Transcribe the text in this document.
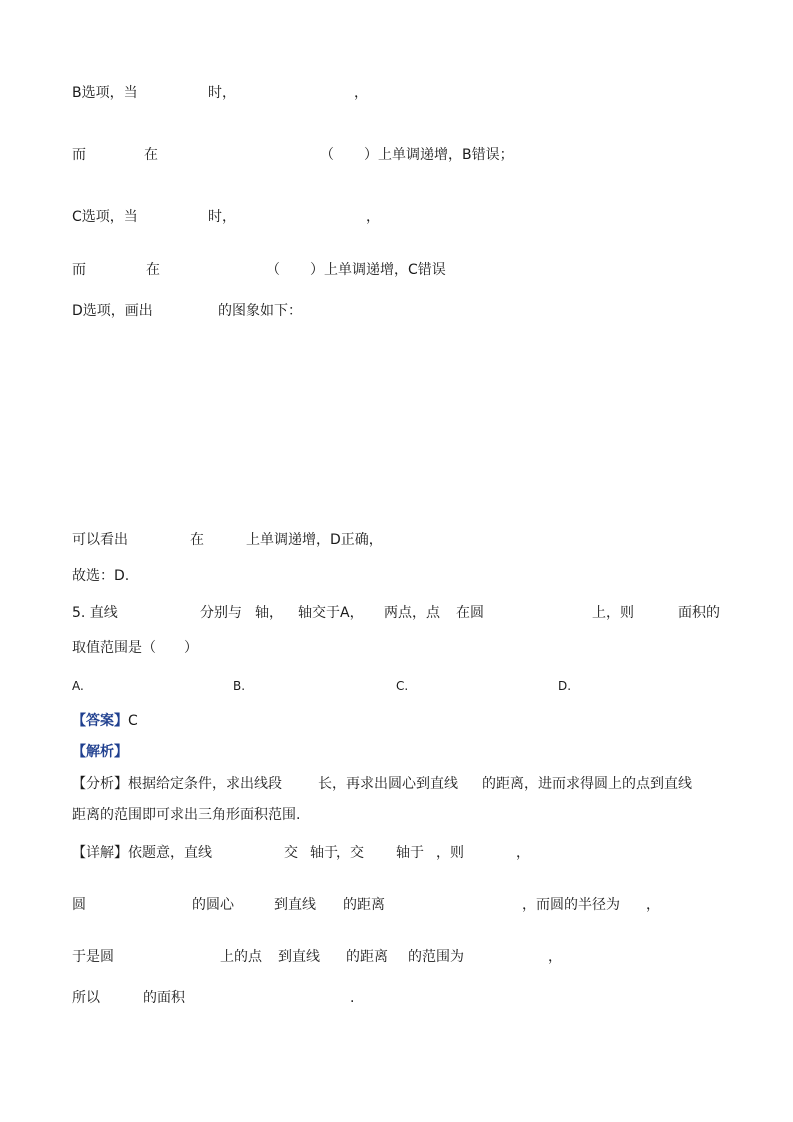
B选项，当	时，	，
而	在	（ ）上单调递增，B错误；
C选项，当	时，	，
而	在	（ ）上单调递增，C错误
D选项，画出	的图象如下：
可以看出	在	上单调递增，D正确，
故选：D.
5. 直线	分别与 轴， 轴交于A， 两点，点 在圆	上，则	面积的
取值范围是（　　）
A.	B.	C.	D.
【答案】 C
【解析】
【分析】 根据给定条件，求出线段	长，再求出圆心到直线 的距离，进而求得圆上的点到直线
距离的范围即可求出三角形面积范围.
【详解】 依题意，直线	交 轴于
，交 轴于 ，则	，
圆	的圆心	到直线 的距离	，而圆的半径为 ，
于是圆	上的点 到直线 的距离 的范围为	，
所以	的面积	.
